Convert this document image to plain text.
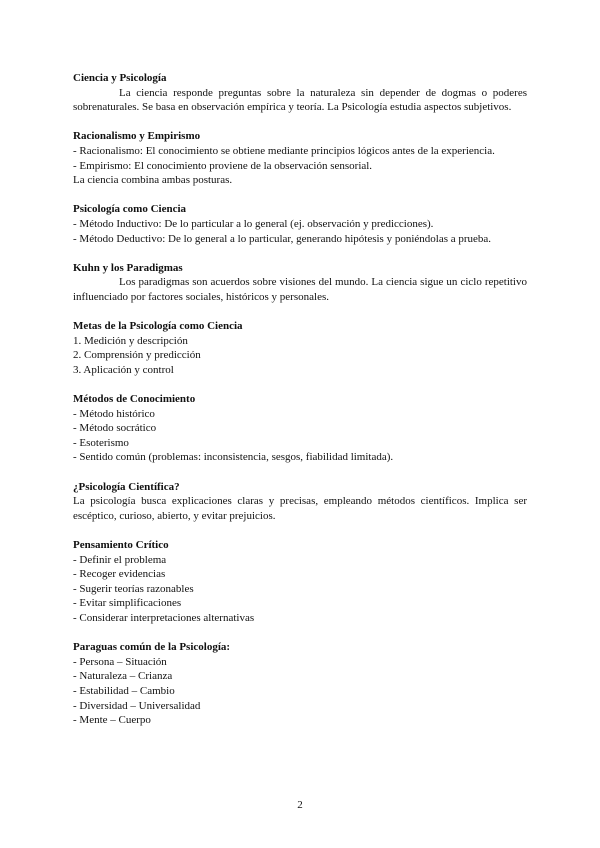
Ciencia y Psicología

La ciencia responde preguntas sobre la naturaleza sin depender de dogmas o poderes sobrenaturales. Se basa en observación empírica y teoría. La Psicología estudia aspectos subjetivos.

Racionalismo y Empirismo

- Racionalismo: El conocimiento se obtiene mediante principios lógicos antes de la experiencia.

- Empirismo: El conocimiento proviene de la observación sensorial.

La ciencia combina ambas posturas.

Psicología como Ciencia

- Método Inductivo: De lo particular a lo general (ej. observación y predicciones).

- Método Deductivo: De lo general a lo particular, generando hipótesis y poniéndolas a prueba.

Kuhn y los Paradigmas

Los paradigmas son acuerdos sobre visiones del mundo. La ciencia sigue un ciclo repetitivo influenciado por factores sociales, históricos y personales.

Metas de la Psicología como Ciencia

1. Medición y descripción

2. Comprensión y predicción

3. Aplicación y control

Métodos de Conocimiento

- Método histórico

- Método socrático

- Esoterismo

- Sentido común (problemas: inconsistencia, sesgos, fiabilidad limitada).

¿Psicología Científica?

La psicología busca explicaciones claras y precisas, empleando métodos científicos. Implica ser escéptico, curioso, abierto, y evitar prejuicios.

Pensamiento Crítico

- Definir el problema

- Recoger evidencias

- Sugerir teorías razonables

- Evitar simplificaciones

- Considerar interpretaciones alternativas

Paraguas común de la Psicología:

- Persona – Situación

- Naturaleza – Crianza

- Estabilidad – Cambio

- Diversidad – Universalidad

- Mente – Cuerpo

2
